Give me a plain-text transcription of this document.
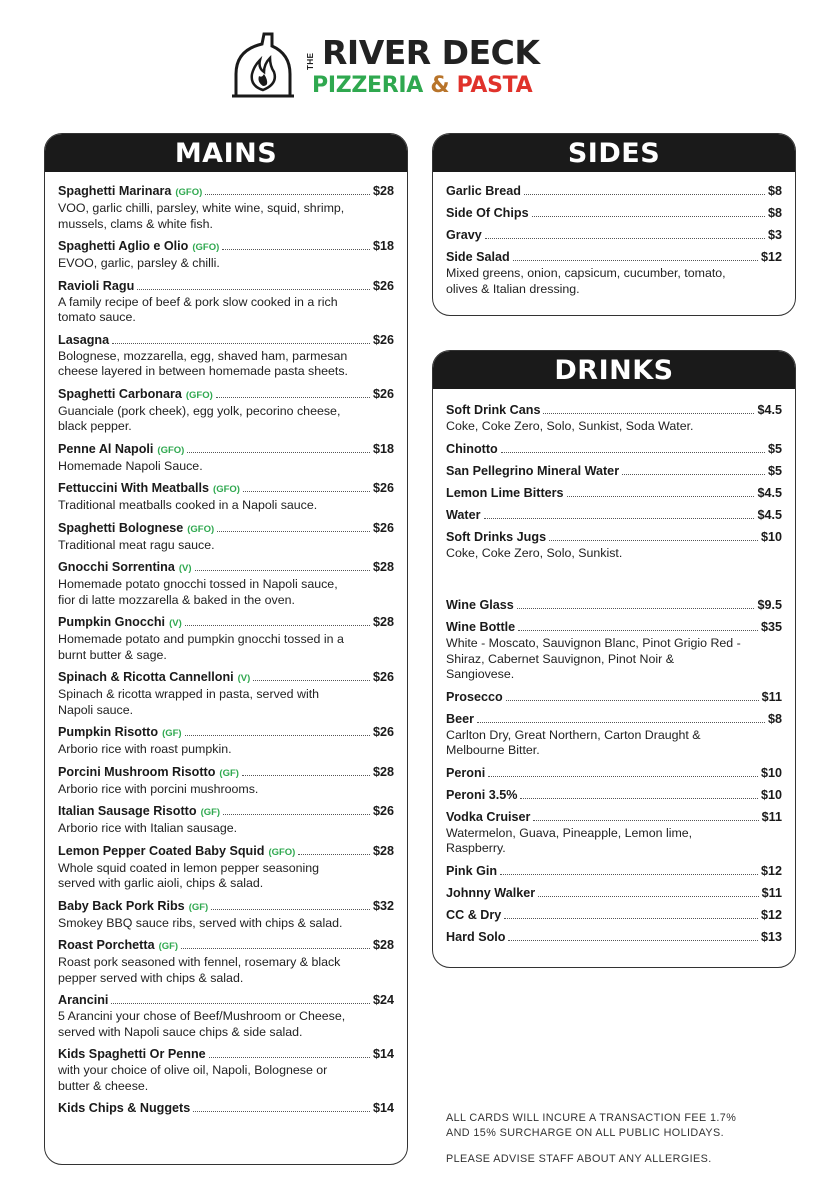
THE RIVER DECK
PIZZERIA & PASTA
MAINS
Spaghetti Marinara (GFO)	$28
VOO, garlic chilli, parsley, white wine, squid, shrimp, mussels, clams & white fish.
Spaghetti Aglio e Olio (GFO)	$18
EVOO, garlic, parsley & chilli.
Ravioli Ragu	$26
A family recipe of beef & pork slow cooked in a rich tomato sauce.
Lasagna	$26
Bolognese, mozzarella, egg, shaved ham, parmesan cheese layered in between homemade pasta sheets.
Spaghetti Carbonara (GFO)	$26
Guanciale (pork cheek), egg yolk, pecorino cheese, black pepper.
Penne Al Napoli (GFO)	$18
Homemade Napoli Sauce.
Fettuccini With Meatballs (GFO)	$26
Traditional meatballs cooked in a Napoli sauce.
Spaghetti Bolognese (GFO)	$26
Traditional meat ragu sauce.
Gnocchi Sorrentina (V)	$28
Homemade potato gnocchi tossed in Napoli sauce, fior di latte mozzarella & baked in the oven.
Pumpkin Gnocchi (V)	$28
Homemade potato and pumpkin gnocchi tossed in a burnt butter & sage.
Spinach & Ricotta Cannelloni (V)	$26
Spinach & ricotta wrapped in pasta, served with Napoli sauce.
Pumpkin Risotto (GF)	$26
Arborio rice with roast pumpkin.
Porcini Mushroom Risotto (GF)	$28
Arborio rice with porcini mushrooms.
Italian Sausage Risotto (GF)	$26
Arborio rice with Italian sausage.
Lemon Pepper Coated Baby Squid (GFO)	$28
Whole squid coated in lemon pepper seasoning served with garlic aioli, chips & salad.
Baby Back Pork Ribs (GF)	$32
Smokey BBQ sauce ribs, served with chips & salad.
Roast Porchetta (GF)	$28
Roast pork seasoned with fennel, rosemary & black pepper served with chips & salad.
Arancini	$24
5 Arancini your chose of Beef/Mushroom or Cheese, served with Napoli sauce chips & side salad.
Kids Spaghetti Or Penne	$14
with your choice of olive oil, Napoli, Bolognese or butter & cheese.
Kids Chips & Nuggets	$14
SIDES
Garlic Bread	$8
Side Of Chips	$8
Gravy	$3
Side Salad	$12
Mixed greens, onion, capsicum, cucumber, tomato, olives & Italian dressing.
DRINKS
Soft Drink Cans	$4.5
Coke, Coke Zero, Solo, Sunkist, Soda Water.
Chinotto	$5
San Pellegrino Mineral Water	$5
Lemon Lime Bitters	$4.5
Water	$4.5
Soft Drinks Jugs	$10
Coke, Coke Zero, Solo, Sunkist.
Wine Glass	$9.5
Wine Bottle	$35
White - Moscato, Sauvignon Blanc, Pinot Grigio Red - Shiraz, Cabernet Sauvignon, Pinot Noir & Sangiovese.
Prosecco	$11
Beer	$8
Carlton Dry, Great Northern, Carton Draught & Melbourne Bitter.
Peroni	$10
Peroni 3.5%	$10
Vodka Cruiser	$11
Watermelon, Guava, Pineapple, Lemon lime, Raspberry.
Pink Gin	$12
Johnny Walker	$11
CC & Dry	$12
Hard Solo	$13
ALL CARDS WILL INCURE A TRANSACTION FEE 1.7%
AND 15% SURCHARGE ON ALL PUBLIC HOLIDAYS.
PLEASE ADVISE STAFF ABOUT ANY ALLERGIES.
